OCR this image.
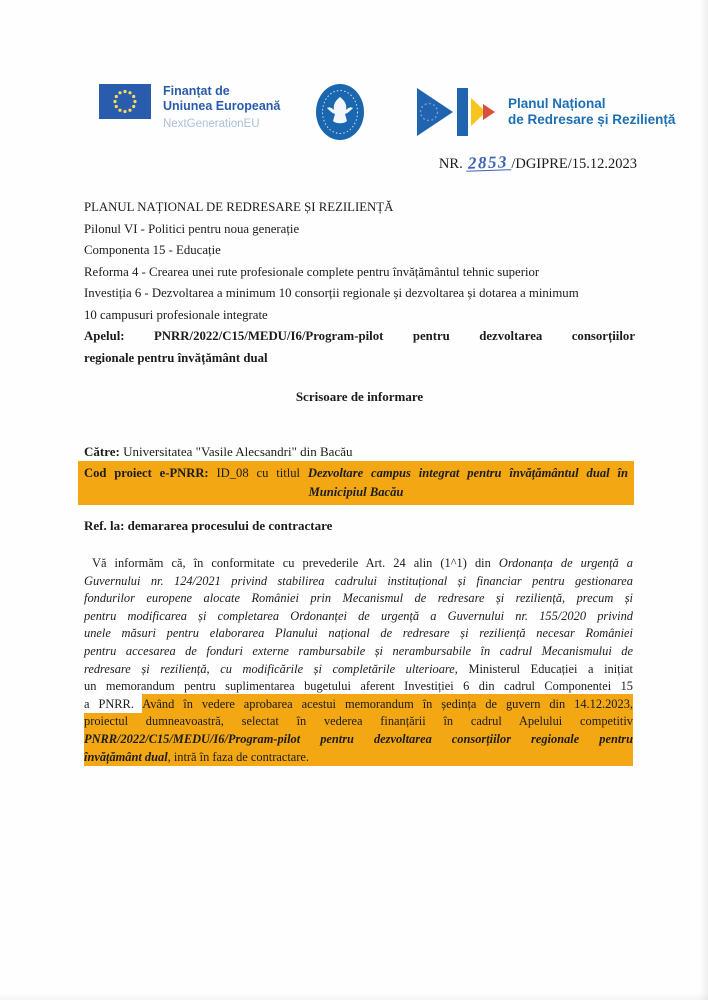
Finanțat de
Uniunea Europeană
NextGenerationEU
Planul Național
de Redresare și Reziliență
NR. 2853 /DGIPRE/15.12.2023
PLANUL NAȚIONAL DE REDRESARE ȘI REZILIENȚĂ
Pilonul VI - Politici pentru noua generație
Componenta 15 - Educație
Reforma 4 - Crearea unei rute profesionale complete pentru învățământul tehnic superior
Investiția 6 - Dezvoltarea a minimum 10 consorții regionale și dezvoltarea și dotarea a minimum
10 campusuri profesionale integrate
Apelul: PNRR/2022/C15/MEDU/I6/Program-pilot pentru dezvoltarea consorțiilor
regionale pentru învățământ dual
Scrisoare de informare
Către: Universitatea "Vasile Alecsandri" din Bacău
Cod proiect e-PNRR: ID_08 cu titlul Dezvoltare campus integrat pentru învățământul dual în
Municipiul Bacău
Ref. la: demararea procesului de contractare
Vă informăm că, în conformitate cu prevederile Art. 24 alin (1^1) din Ordonanța de urgență a
Guvernului nr. 124/2021 privind stabilirea cadrului instituțional și financiar pentru gestionarea
fondurilor europene alocate României prin Mecanismul de redresare și reziliență, precum și
pentru modificarea și completarea Ordonanței de urgență a Guvernului nr. 155/2020 privind
unele măsuri pentru elaborarea Planului național de redresare și reziliență necesar României
pentru accesarea de fonduri externe rambursabile și nerambursabile în cadrul Mecanismului de
redresare și reziliență, cu modificările și completările ulterioare, Ministerul Educației a inițiat
un memorandum pentru suplimentarea bugetului aferent Investiției 6 din cadrul Componentei 15
a PNRR. Având în vedere aprobarea acestui memorandum în ședința de guvern din 14.12.2023,
proiectul dumneavoastră, selectat în vederea finanțării în cadrul Apelului competitiv
PNRR/2022/C15/MEDU/I6/Program-pilot pentru dezvoltarea consorțiilor regionale pentru
învățământ dual, intră în faza de contractare.
